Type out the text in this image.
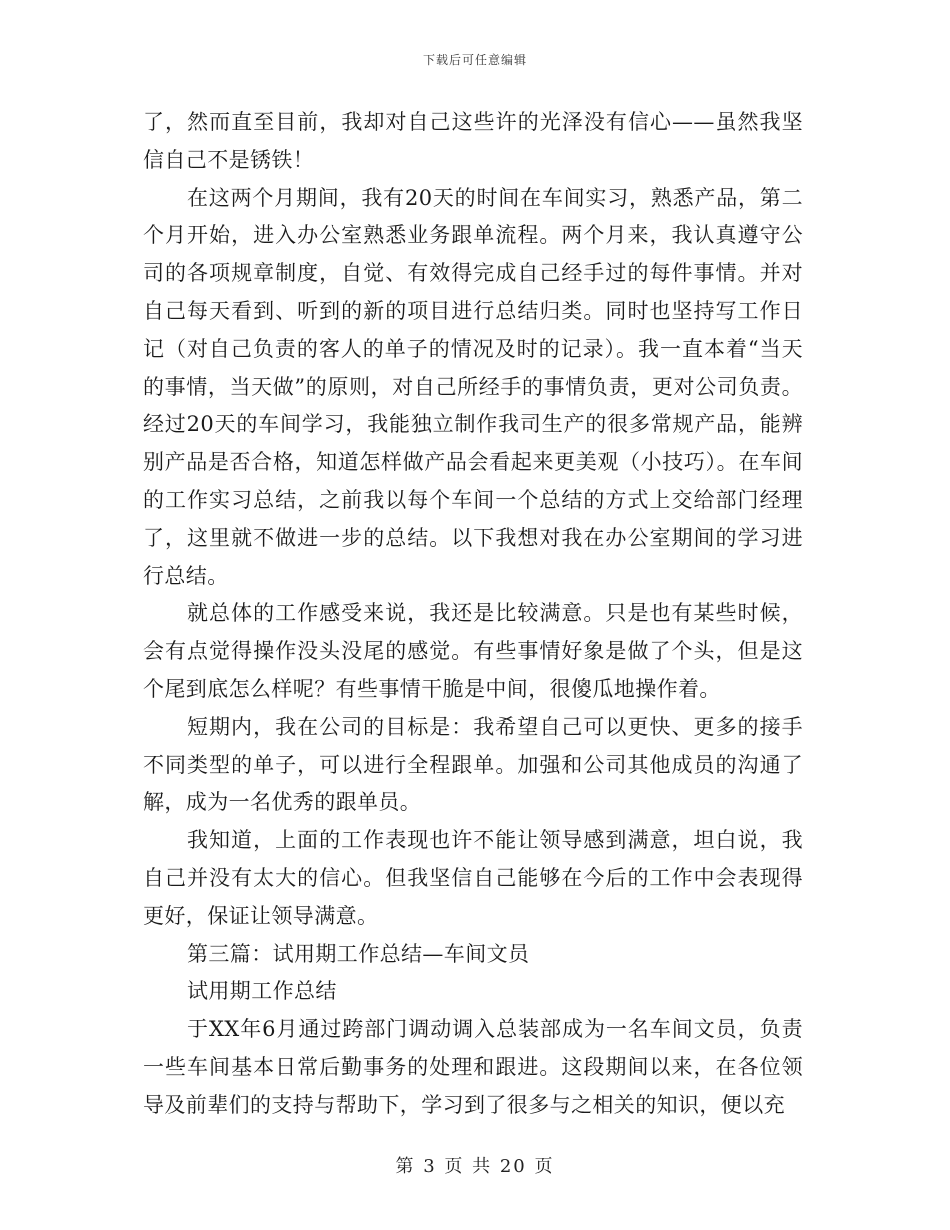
下载后可任意编辑

了，然而直至目前，我却对自己这些许的光泽没有信心——虽然我坚信自己不是锈铁！

在这两个月期间，我有20天的时间在车间实习，熟悉产品，第二个月开始，进入办公室熟悉业务跟单流程。两个月来，我认真遵守公司的各项规章制度，自觉、有效得完成自己经手过的每件事情。并对自己每天看到、听到的新的项目进行总结归类。同时也坚持写工作日记（对自己负责的客人的单子的情况及时的记录）。我一直本着“当天的事情，当天做”的原则，对自己所经手的事情负责，更对公司负责。经过20天的车间学习，我能独立制作我司生产的很多常规产品，能辨别产品是否合格，知道怎样做产品会看起来更美观（小技巧）。在车间的工作实习总结，之前我以每个车间一个总结的方式上交给部门经理了，这里就不做进一步的总结。以下我想对我在办公室期间的学习进行总结。

就总体的工作感受来说，我还是比较满意。只是也有某些时候，会有点觉得操作没头没尾的感觉。有些事情好象是做了个头，但是这个尾到底怎么样呢？有些事情干脆是中间，很傻瓜地操作着。

短期内，我在公司的目标是：我希望自己可以更快、更多的接手不同类型的单子，可以进行全程跟单。加强和公司其他成员的沟通了解，成为一名优秀的跟单员。

我知道，上面的工作表现也许不能让领导感到满意，坦白说，我自己并没有太大的信心。但我坚信自己能够在今后的工作中会表现得更好，保证让领导满意。

第三篇：试用期工作总结—车间文员

试用期工作总结

于XX年6月通过跨部门调动调入总装部成为一名车间文员，负责一些车间基本日常后勤事务的处理和跟进。这段期间以来，在各位领导及前辈们的支持与帮助下，学习到了很多与之相关的知识，便以充

第 3 页 共 20 页
